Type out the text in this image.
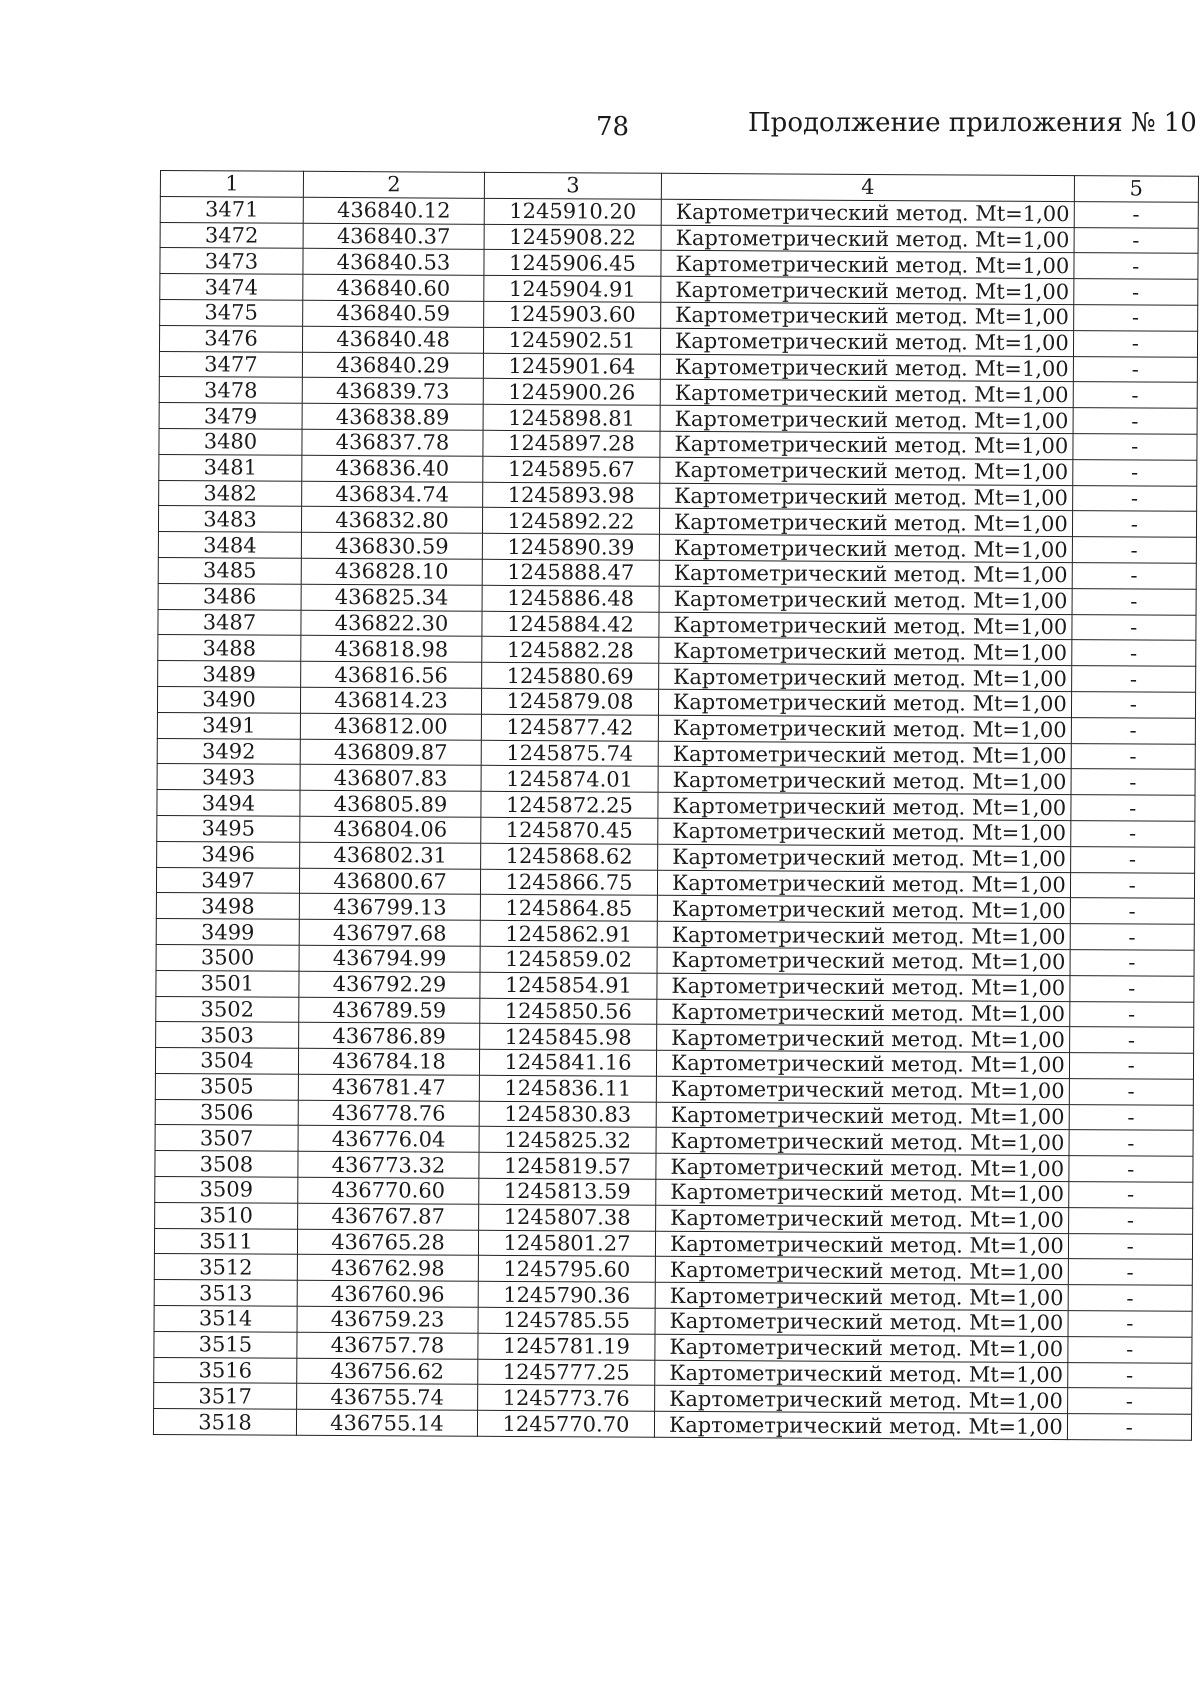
78	Продолжение приложения № 10
1	2	3	4	5
3471	436840.12	1245910.20	Картометрический метод. Mt=1,00	-
3472	436840.37	1245908.22	Картометрический метод. Mt=1,00	-
3473	436840.53	1245906.45	Картометрический метод. Mt=1,00	-
3474	436840.60	1245904.91	Картометрический метод. Mt=1,00	-
3475	436840.59	1245903.60	Картометрический метод. Mt=1,00	-
3476	436840.48	1245902.51	Картометрический метод. Mt=1,00	-
3477	436840.29	1245901.64	Картометрический метод. Mt=1,00	-
3478	436839.73	1245900.26	Картометрический метод. Mt=1,00	-
3479	436838.89	1245898.81	Картометрический метод. Mt=1,00	-
3480	436837.78	1245897.28	Картометрический метод. Mt=1,00	-
3481	436836.40	1245895.67	Картометрический метод. Mt=1,00	-
3482	436834.74	1245893.98	Картометрический метод. Mt=1,00	-
3483	436832.80	1245892.22	Картометрический метод. Mt=1,00	-
3484	436830.59	1245890.39	Картометрический метод. Mt=1,00	-
3485	436828.10	1245888.47	Картометрический метод. Mt=1,00	-
3486	436825.34	1245886.48	Картометрический метод. Mt=1,00	-
3487	436822.30	1245884.42	Картометрический метод. Mt=1,00	-
3488	436818.98	1245882.28	Картометрический метод. Mt=1,00	-
3489	436816.56	1245880.69	Картометрический метод. Mt=1,00	-
3490	436814.23	1245879.08	Картометрический метод. Mt=1,00	-
3491	436812.00	1245877.42	Картометрический метод. Mt=1,00	-
3492	436809.87	1245875.74	Картометрический метод. Mt=1,00	-
3493	436807.83	1245874.01	Картометрический метод. Mt=1,00	-
3494	436805.89	1245872.25	Картометрический метод. Mt=1,00	-
3495	436804.06	1245870.45	Картометрический метод. Mt=1,00	-
3496	436802.31	1245868.62	Картометрический метод. Mt=1,00	-
3497	436800.67	1245866.75	Картометрический метод. Mt=1,00	-
3498	436799.13	1245864.85	Картометрический метод. Mt=1,00	-
3499	436797.68	1245862.91	Картометрический метод. Mt=1,00	-
3500	436794.99	1245859.02	Картометрический метод. Mt=1,00	-
3501	436792.29	1245854.91	Картометрический метод. Mt=1,00	-
3502	436789.59	1245850.56	Картометрический метод. Mt=1,00	-
3503	436786.89	1245845.98	Картометрический метод. Mt=1,00	-
3504	436784.18	1245841.16	Картометрический метод. Mt=1,00	-
3505	436781.47	1245836.11	Картометрический метод. Mt=1,00	-
3506	436778.76	1245830.83	Картометрический метод. Mt=1,00	-
3507	436776.04	1245825.32	Картометрический метод. Mt=1,00	-
3508	436773.32	1245819.57	Картометрический метод. Mt=1,00	-
3509	436770.60	1245813.59	Картометрический метод. Mt=1,00	-
3510	436767.87	1245807.38	Картометрический метод. Mt=1,00	-
3511	436765.28	1245801.27	Картометрический метод. Mt=1,00	-
3512	436762.98	1245795.60	Картометрический метод. Mt=1,00	-
3513	436760.96	1245790.36	Картометрический метод. Mt=1,00	-
3514	436759.23	1245785.55	Картометрический метод. Mt=1,00	-
3515	436757.78	1245781.19	Картометрический метод. Mt=1,00	-
3516	436756.62	1245777.25	Картометрический метод. Mt=1,00	-
3517	436755.74	1245773.76	Картометрический метод. Mt=1,00	-
3518	436755.14	1245770.70	Картометрический метод. Mt=1,00	-
